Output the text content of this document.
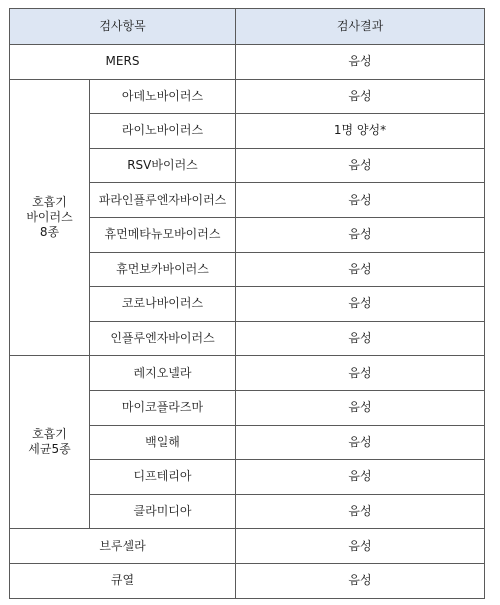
검사항목		검사결과
MERS		음성
호흡기
바이러스
8종	아데노바이러스	음성
	라이노바이러스	1명 양성*
	RSV바이러스	음성
	파라인플루엔자바이러스	음성
	휴먼메타뉴모바이러스	음성
	휴먼보카바이러스	음성
	코로나바이러스	음성
	인플루엔자바이러스	음성
호흡기
세균5종	레지오넬라	음성
	마이코플라즈마	음성
	백일해	음성
	디프테리아	음성
	클라미디아	음성
브루셀라		음성
큐열		음성
